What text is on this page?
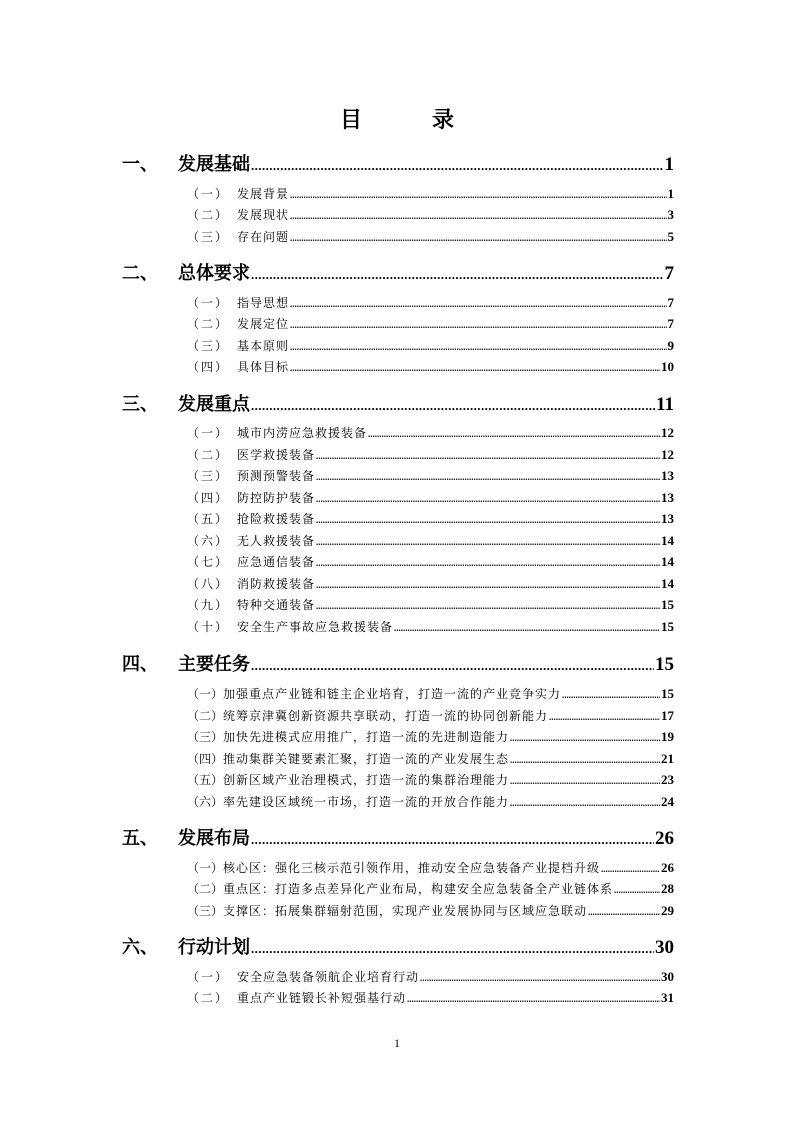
目　录
一、	发展基础 .....	1
（一） 发展背景 .....	1
（二） 发展现状 .....	3
（三） 存在问题 .....	5
二、	总体要求 .....	7
（一） 指导思想 .....	7
（二） 发展定位 .....	7
（三） 基本原则 .....	9
（四） 具体目标 .....	10
三、	发展重点 .....	11
（一） 城市内涝应急救援装备 .....	12
（二） 医学救援装备 .....	12
（三） 预测预警装备 .....	13
（四） 防控防护装备 .....	13
（五） 抢险救援装备 .....	13
（六） 无人救援装备 .....	14
（七） 应急通信装备 .....	14
（八） 消防救援装备 .....	14
（九） 特种交通装备 .....	15
（十） 安全生产事故应急救援装备 .....	15
四、	主要任务 .....	15
（一） 加强重点产业链和链主企业培育，打造一流的产业竞争实力 .....	15
（二） 统筹京津冀创新资源共享联动，打造一流的协同创新能力 .....	17
（三） 加快先进模式应用推广，打造一流的先进制造能力 .....	19
（四） 推动集群关键要素汇聚，打造一流的产业发展生态 .....	21
（五） 创新区域产业治理模式，打造一流的集群治理能力 .....	23
（六） 率先建设区域统一市场，打造一流的开放合作能力 .....	24
五、	发展布局 .....	26
（一） 核心区：强化三核示范引领作用，推动安全应急装备产业提档升级 .....	26
（二） 重点区：打造多点差异化产业布局，构建安全应急装备全产业链体系 .....	28
（三） 支撑区：拓展集群辐射范围，实现产业发展协同与区域应急联动 .....	29
六、	行动计划 .....	30
（一） 安全应急装备领航企业培育行动 .....	30
（二） 重点产业链锻长补短强基行动 .....	31
1
